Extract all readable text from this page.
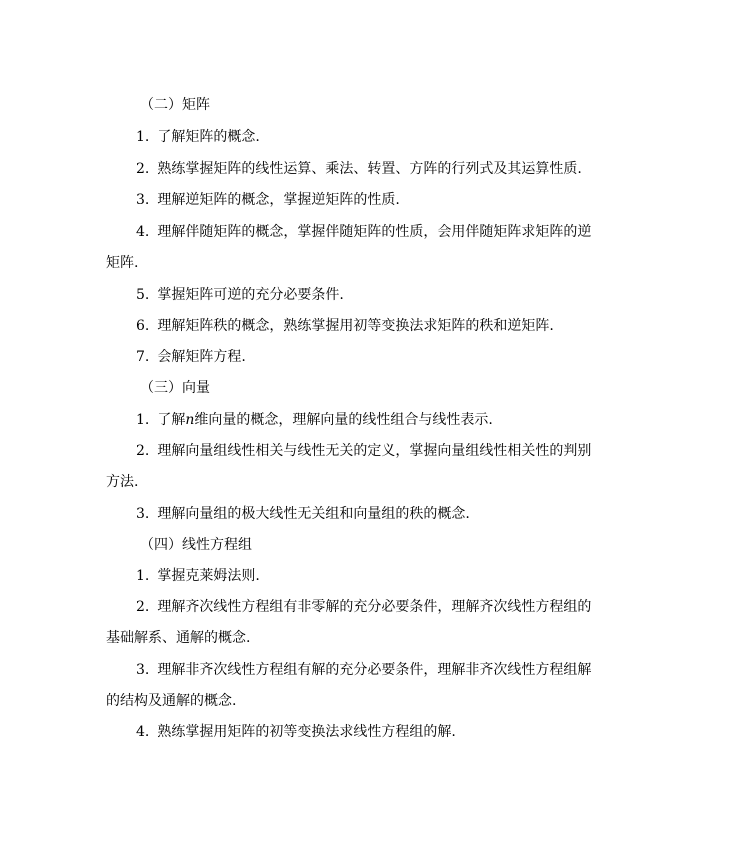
（二）矩阵
1. 了解矩阵的概念.
2. 熟练掌握矩阵的线性运算、乘法、转置、方阵的行列式及其运算性质.
3. 理解逆矩阵的概念，掌握逆矩阵的性质.
4. 理解伴随矩阵的概念，掌握伴随矩阵的性质，会用伴随矩阵求矩阵的逆
矩阵.
5. 掌握矩阵可逆的充分必要条件.
6. 理解矩阵秩的概念，熟练掌握用初等变换法求矩阵的秩和逆矩阵.
7. 会解矩阵方程.
（三）向量
1. 了解n维向量的概念，理解向量的线性组合与线性表示.
2. 理解向量组线性相关与线性无关的定义，掌握向量组线性相关性的判别
方法.
3. 理解向量组的极大线性无关组和向量组的秩的概念.
（四）线性方程组
1. 掌握克莱姆法则.
2. 理解齐次线性方程组有非零解的充分必要条件，理解齐次线性方程组的
基础解系、通解的概念.
3. 理解非齐次线性方程组有解的充分必要条件，理解非齐次线性方程组解
的结构及通解的概念.
4. 熟练掌握用矩阵的初等变换法求线性方程组的解.
